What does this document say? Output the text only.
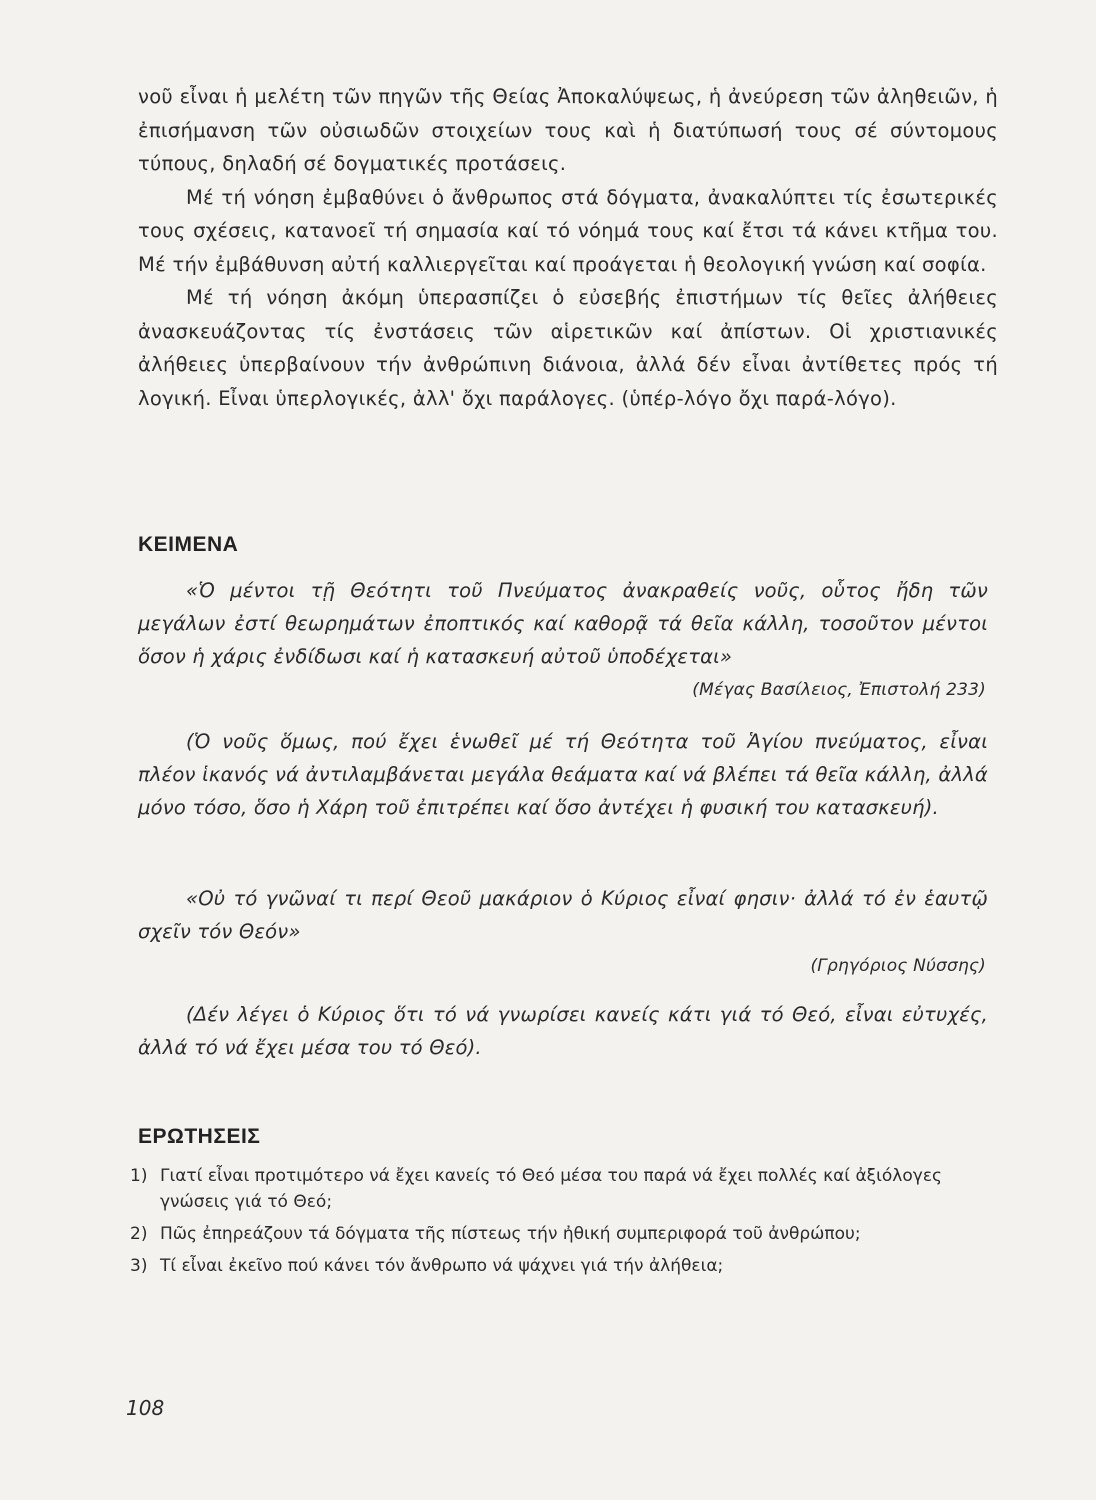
νοῦ εἶναι ἡ μελέτη τῶν πηγῶν τῆς Θείας Ἀποκαλύψεως, ἡ ἀνεύρεση τῶν ἀληθειῶν, ἡ ἐπισήμανση τῶν οὐσιωδῶν στοιχείων τους καὶ ἡ διατύπωσή τους σέ σύντομους τύπους, δηλαδή σέ δογματικές προτάσεις.

Μέ τή νόηση ἐμβαθύνει ὁ ἄνθρωπος στά δόγματα, ἀνακαλύπτει τίς ἐσωτερικές τους σχέσεις, κατανοεῖ τή σημασία καί τό νόημά τους καί ἔτσι τά κάνει κτῆμα του. Μέ τήν ἐμβάθυνση αὐτή καλλιεργεῖται καί προάγεται ἡ θεολογική γνώση καί σοφία.

Μέ τή νόηση ἀκόμη ὑπερασπίζει ὁ εὐσεβής ἐπιστήμων τίς θεῖες ἀλήθειες ἀνασκευάζοντας τίς ἐνστάσεις τῶν αἱρετικῶν καί ἀπίστων. Οἱ χριστιανικές ἀλήθειες ὑπερβαίνουν τήν ἀνθρώπινη διάνοια, ἀλλά δέν εἶναι ἀντίθετες πρός τή λογική. Εἶναι ὑπερλογικές, ἀλλ' ὄχι παράλογες. (ὑπέρ-λόγο ὄχι παρά-λόγο).

ΚΕΙΜΕΝΑ

«Ὁ μέντοι τῇ Θεότητι τοῦ Πνεύματος ἀνακραθείς νοῦς, οὗτος ἤδη τῶν μεγάλων ἐστί θεωρημάτων ἐποπτικός καί καθορᾷ τά θεῖα κάλλη, τοσοῦτον μέντοι ὅσον ἡ χάρις ἐνδίδωσι καί ἡ κατασκευή αὐτοῦ ὑποδέχεται»

(Μέγας Βασίλειος, Ἐπιστολή 233)

(Ὁ νοῦς ὅμως, πού ἔχει ἑνωθεῖ μέ τή Θεότητα τοῦ Ἁγίου πνεύματος, εἶναι πλέον ἱκανός νά ἀντιλαμβάνεται μεγάλα θεάματα καί νά βλέπει τά θεῖα κάλλη, ἀλλά μόνο τόσο, ὅσο ἡ Χάρη τοῦ ἐπιτρέπει καί ὅσο ἀντέχει ἡ φυσική του κατασκευή).

«Οὐ τό γνῶναί τι περί Θεοῦ μακάριον ὁ Κύριος εἶναί φησιν· ἀλλά τό ἐν ἑαυτῷ σχεῖν τόν Θεόν»

(Γρηγόριος Νύσσης)

(Δέν λέγει ὁ Κύριος ὅτι τό νά γνωρίσει κανείς κάτι γιά τό Θεό, εἶναι εὐτυχές, ἀλλά τό νά ἔχει μέσα του τό Θεό).

ΕΡΩΤΗΣΕΙΣ
1) Γιατί εἶναι προτιμότερο νά ἔχει κανείς τό Θεό μέσα του παρά νά ἔχει πολλές καί ἀξιόλογες γνώσεις γιά τό Θεό;
2) Πῶς ἐπηρεάζουν τά δόγματα τῆς πίστεως τήν ἠθική συμπεριφορά τοῦ ἀνθρώπου;
3) Τί εἶναι ἐκεῖνο πού κάνει τόν ἄνθρωπο νά ψάχνει γιά τήν ἀλήθεια;
108
